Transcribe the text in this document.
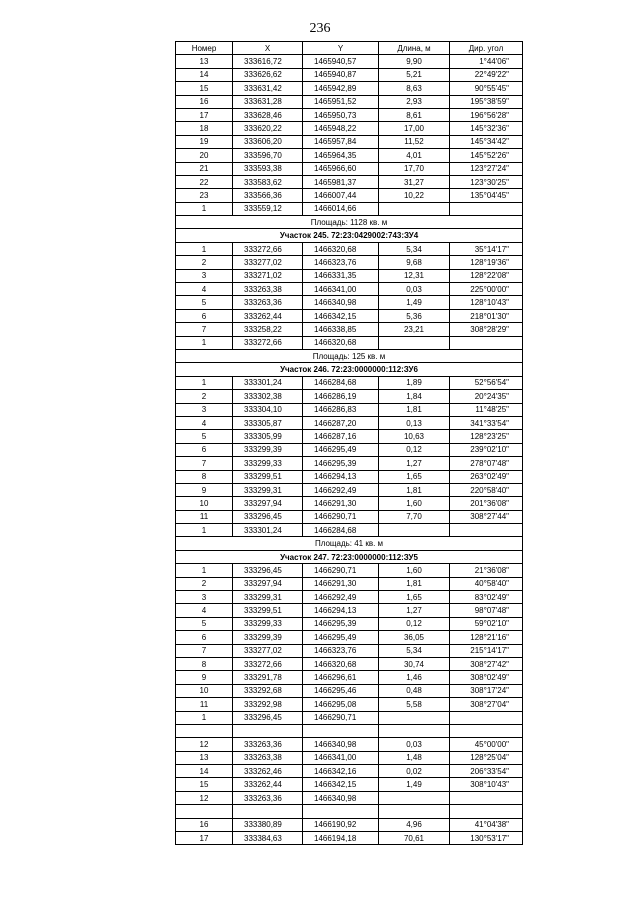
236
Номер	X	Y	Длина, м	Дир. угол
13	333616,72	1465940,57	9,90	1°44'06"
14	333626,62	1465940,87	5,21	22°49'22"
15	333631,42	1465942,89	8,63	90°55'45"
16	333631,28	1465951,52	2,93	195°38'59"
17	333628,46	1465950,73	8,61	196°56'28"
18	333620,22	1465948,22	17,00	145°32'36"
19	333606,20	1465957,84	11,52	145°34'42"
20	333596,70	1465964,35	4,01	145°52'26"
21	333593,38	1465966,60	17,70	123°27'24"
22	333583,62	1465981,37	31,27	123°30'25"
23	333566,36	1466007,44	10,22	135°04'45"
1	333559,12	1466014,66		
Площадь: 1128 кв. м				
Участок 245. 72:23:0429002:743:ЗУ4				
1	333272,66	1466320,68	5,34	35°14'17"
2	333277,02	1466323,76	9,68	128°19'36"
3	333271,02	1466331,35	12,31	128°22'08"
4	333263,38	1466341,00	0,03	225°00'00"
5	333263,36	1466340,98	1,49	128°10'43"
6	333262,44	1466342,15	5,36	218°01'30"
7	333258,22	1466338,85	23,21	308°28'29"
1	333272,66	1466320,68		
Площадь: 125 кв. м				
Участок 246. 72:23:0000000:112:ЗУ6				
1	333301,24	1466284,68	1,89	52°56'54"
2	333302,38	1466286,19	1,84	20°24'35"
3	333304,10	1466286,83	1,81	11°48'25"
4	333305,87	1466287,20	0,13	341°33'54"
5	333305,99	1466287,16	10,63	128°23'25"
6	333299,39	1466295,49	0,12	239°02'10"
7	333299,33	1466295,39	1,27	278°07'48"
8	333299,51	1466294,13	1,65	263°02'49"
9	333299,31	1466292,49	1,81	220°58'40"
10	333297,94	1466291,30	1,60	201°36'08"
11	333296,45	1466290,71	7,70	308°27'44"
1	333301,24	1466284,68		
Площадь: 41 кв. м				
Участок 247. 72:23:0000000:112:ЗУ5				
1	333296,45	1466290,71	1,60	21°36'08"
2	333297,94	1466291,30	1,81	40°58'40"
3	333299,31	1466292,49	1,65	83°02'49"
4	333299,51	1466294,13	1,27	98°07'48"
5	333299,33	1466295,39	0,12	59°02'10"
6	333299,39	1466295,49	36,05	128°21'16"
7	333277,02	1466323,76	5,34	215°14'17"
8	333272,66	1466320,68	30,74	308°27'42"
9	333291,78	1466296,61	1,46	308°02'49"
10	333292,68	1466295,46	0,48	308°17'24"
11	333292,98	1466295,08	5,58	308°27'04"
1	333296,45	1466290,71		

12	333263,36	1466340,98	0,03	45°00'00"
13	333263,38	1466341,00	1,48	128°25'04"
14	333262,46	1466342,16	0,02	206°33'54"
15	333262,44	1466342,15	1,49	308°10'43"
12	333263,36	1466340,98		

16	333380,89	1466190,92	4,96	41°04'38"
17	333384,63	1466194,18	70,61	130°53'17"
